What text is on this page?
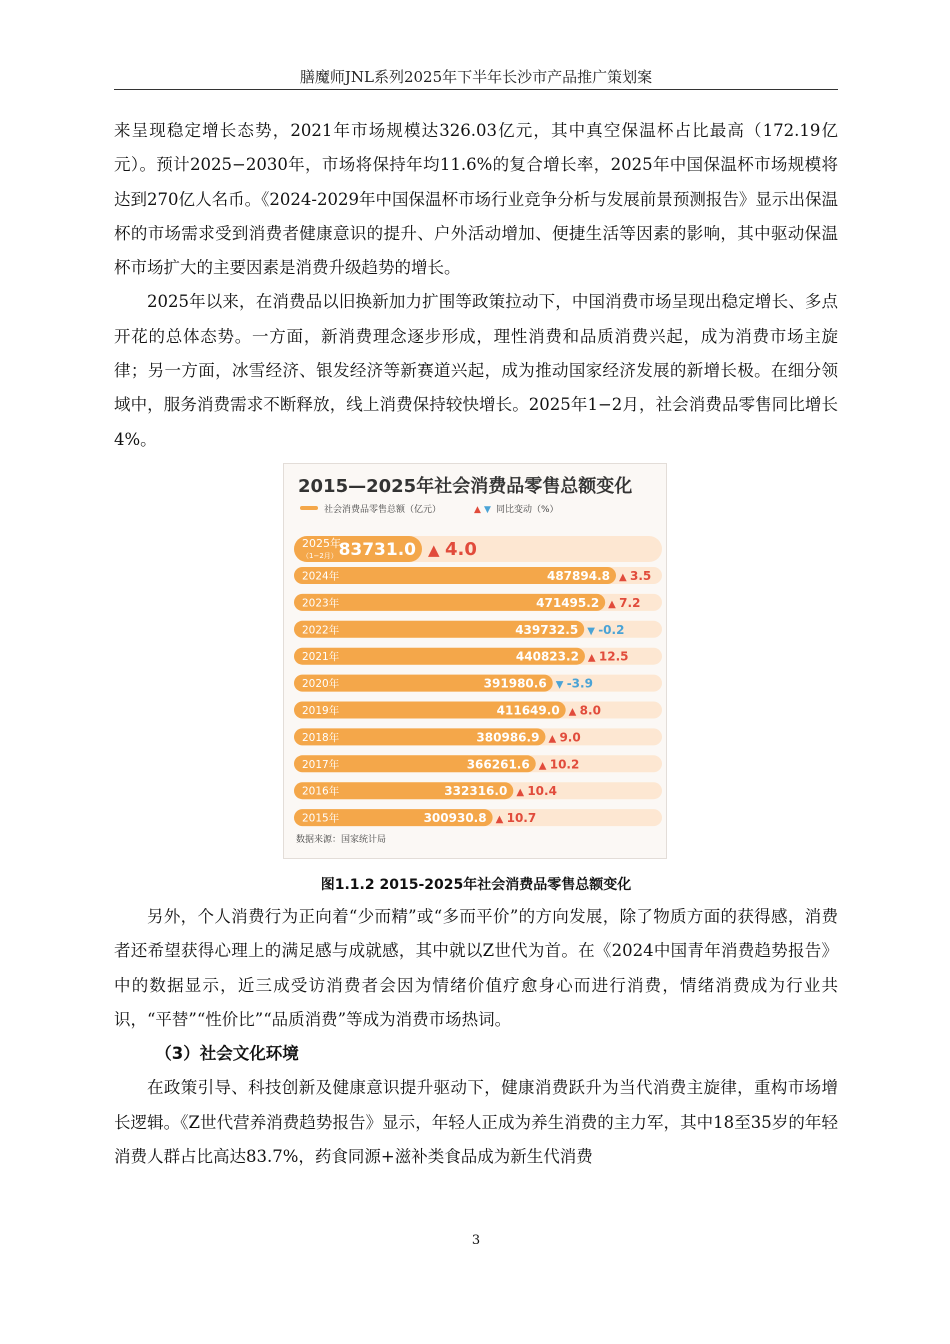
膳魔师JNL系列2025年下半年长沙市产品推广策划案

来呈现稳定增长态势，2021年市场规模达326.03亿元，其中真空保温杯占比最高（172.19亿元）。预计2025−2030年，市场将保持年均11.6%的复合增长率，2025年中国保温杯市场规模将达到270亿人名币。《2024-2029年中国保温杯市场行业竞争分析与发展前景预测报告》显示出保温杯的市场需求受到消费者健康意识的提升、户外活动增加、便捷生活等因素的影响，其中驱动保温杯市场扩大的主要因素是消费升级趋势的增长。

2025年以来，在消费品以旧换新加力扩围等政策拉动下，中国消费市场呈现出稳定增长、多点开花的总体态势。一方面，新消费理念逐步形成，理性消费和品质消费兴起，成为消费市场主旋律；另一方面，冰雪经济、银发经济等新赛道兴起，成为推动国家经济发展的新增长极。在细分领域中，服务消费需求不断释放，线上消费保持较快增长。2025年1−2月，社会消费品零售同比增长4%。

2015—2025年社会消费品零售总额变化
社会消费品零售总额（亿元）	▲ ▼ 同比变动（%）
2025年
（1−2月） 83731.0 ▲ 4.0
2024年	487894.8 ▲ 3.5
2023年	471495.2 ▲ 7.2
2022年	439732.5 ▼ -0.2
2021年	440823.2 ▲ 12.5
2020年	391980.6 ▼ -3.9
2019年	411649.0 ▲ 8.0
2018年	380986.9 ▲ 9.0
2017年	366261.6 ▲ 10.2
2016年	332316.0 ▲ 10.4
2015年	300930.8 ▲ 10.7
数据来源：国家统计局
图1.1.2 2015-2025年社会消费品零售总额变化

另外，个人消费行为正向着“少而精”或“多而平价”的方向发展，除了物质方面的获得感，消费者还希望获得心理上的满足感与成就感，其中就以Z世代为首。在《2024中国青年消费趋势报告》中的数据显示，近三成受访消费者会因为情绪价值疗愈身心而进行消费，情绪消费成为行业共识，“平替”“性价比”“品质消费”等成为消费市场热词。

（3）社会文化环境

在政策引导、科技创新及健康意识提升驱动下，健康消费跃升为当代消费主旋律，重构市场增长逻辑。《Z世代营养消费趋势报告》显示，年轻人正成为养生消费的主力军，其中18至35岁的年轻消费人群占比高达83.7%，药食同源+滋补类食品成为新生代消费

3
